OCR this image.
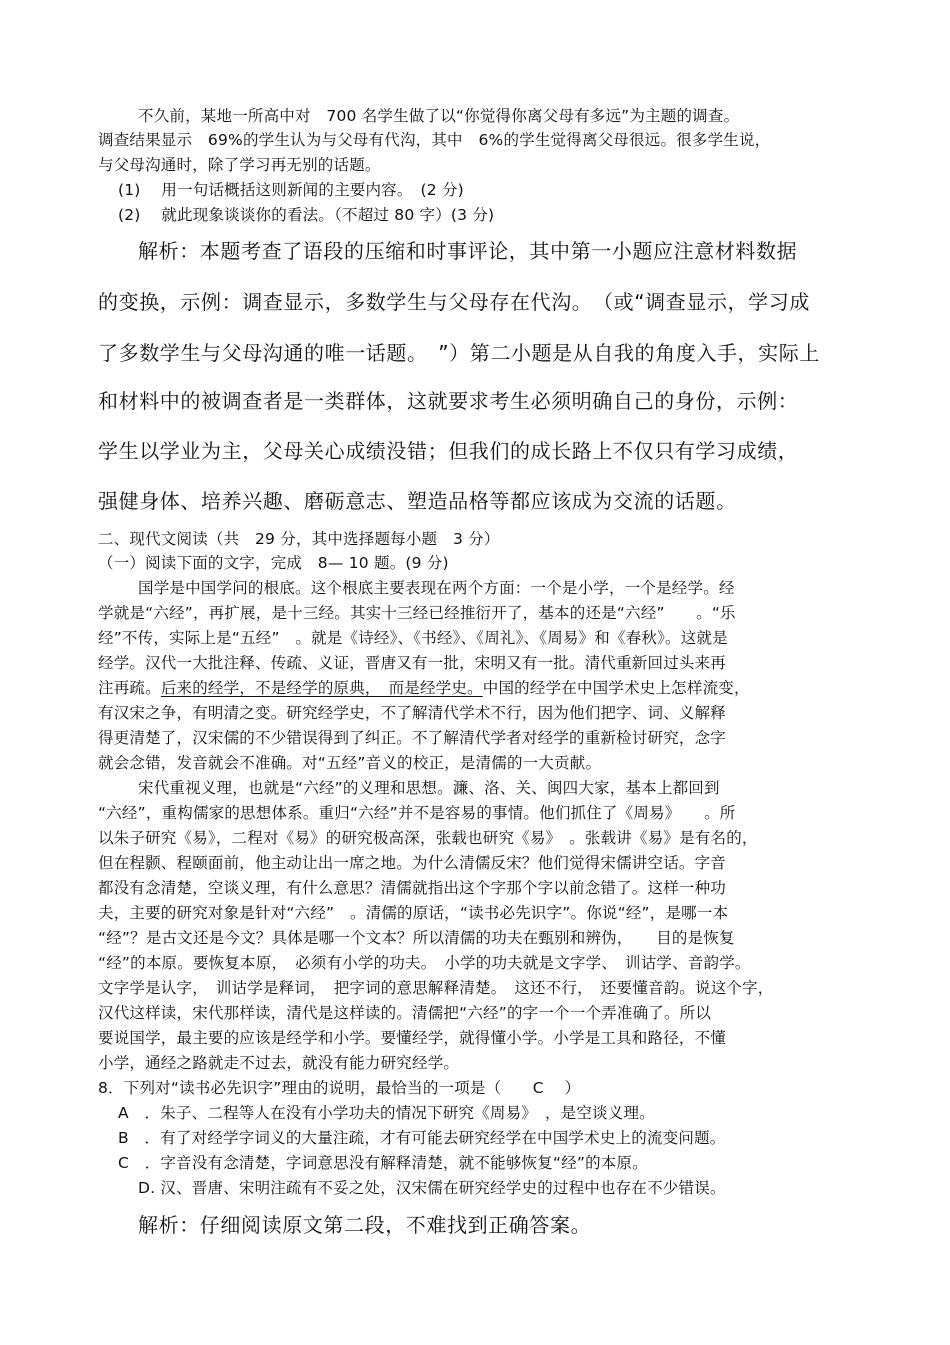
不久前，某地一所高中对　700 名学生做了以“你觉得你离父母有多远”为主题的调查。
调查结果显示　69%的学生认为与父母有代沟，其中　6%的学生觉得离父母很远。很多学生说，
与父母沟通时，除了学习再无别的话题。
(1)　 用一句话概括这则新闻的主要内容。　(2 分)
(2)　 就此现象谈谈你的看法。（不超过 80 字）(3 分)
解析：本题考查了语段的压缩和时事评论，其中第一小题应注意材料数据
的变换，示例：调查显示，多数学生与父母存在代沟。　（或“调查显示，学习成
了多数学生与父母沟通的唯一话题。　”）第二小题是从自我的角度入手，实际上
和材料中的被调查者是一类群体，这就要求考生必须明确自己的身份，示例：
学生以学业为主，父母关心成绩没错；但我们的成长路上不仅只有学习成绩，
强健身体、培养兴趣、磨砺意志、塑造品格等都应该成为交流的话题。
二、现代文阅读（共　29 分，其中选择题每小题　3 分）
（一）阅读下面的文字，完成　8— 10 题。(9 分)
国学是中国学问的根底。这个根底主要表现在两个方面：一个是小学，一个是经学。经
学就是“六经”，再扩展，是十三经。其实十三经已经推衍开了，基本的还是“六经”　　。“乐
经”不传，实际上是“五经”　。就是《诗经》、《书经》、《周礼》、《周易》和《春秋》。这就是
经学。汉代一大批注释、传疏、义证，晋唐又有一批，宋明又有一批。清代重新回过头来再
注再疏。后来的经学，不是经学的原典，　而是经学史。中国的经学在中国学术史上怎样流变，
有汉宋之争，有明清之变。研究经学史，不了解清代学术不行，因为他们把字、词、义解释
得更清楚了，汉宋儒的不少错误得到了纠正。不了解清代学者对经学的重新检讨研究，念字
就会念错，发音就会不准确。对“五经”音义的校正，是清儒的一大贡献。
宋代重视义理，也就是“六经”的义理和思想。濂、洛、关、闽四大家，基本上都回到
“六经”，重构儒家的思想体系。重归“六经”并不是容易的事情。他们抓住了《周易》　　。所
以朱子研究《易》，二程对《易》的研究极高深，张载也研究《易》　。张载讲《易》是有名的，
但在程颢、程颐面前，他主动让出一席之地。为什么清儒反宋？他们觉得宋儒讲空话。字音
都没有念清楚，空谈义理，有什么意思？清儒就指出这个字那个字以前念错了。这样一种功
夫，主要的研究对象是针对“六经”　。清儒的原话，“读书必先识字”。你说“经”，是哪一本
“经”？是古文还是今文？具体是哪一个文本？所以清儒的功夫在甄别和辨伪，　　目的是恢复
“经”的本原。要恢复本原，　必须有小学的功夫。　小学的功夫就是文字学、　训诂学、音韵学。
文字学是认字，　训诂学是释词，　把字词的意思解释清楚。　这还不行，　还要懂音韵。说这个字，
汉代这样读，宋代那样读，清代是这样读的。清儒把“六经”的字一个一个弄准确了。所以
要说国学，最主要的应该是经学和小学。要懂经学，就得懂小学。小学是工具和路径，不懂
小学，通经之路就走不过去，就没有能力研究经学。
8．下列对“读书必先识字”理由的说明，最恰当的一项是（　　C　 ）
A　．朱子、二程等人在没有小学功夫的情况下研究《周易》　，是空谈义理。
B　．有了对经学字词义的大量注疏，才有可能去研究经学在中国学术史上的流变问题。
C　．字音没有念清楚，字词意思没有解释清楚，就不能够恢复“经”的本原。
D. 汉、晋唐、宋明注疏有不妥之处，汉宋儒在研究经学史的过程中也存在不少错误。
解析：仔细阅读原文第二段，不难找到正确答案。
